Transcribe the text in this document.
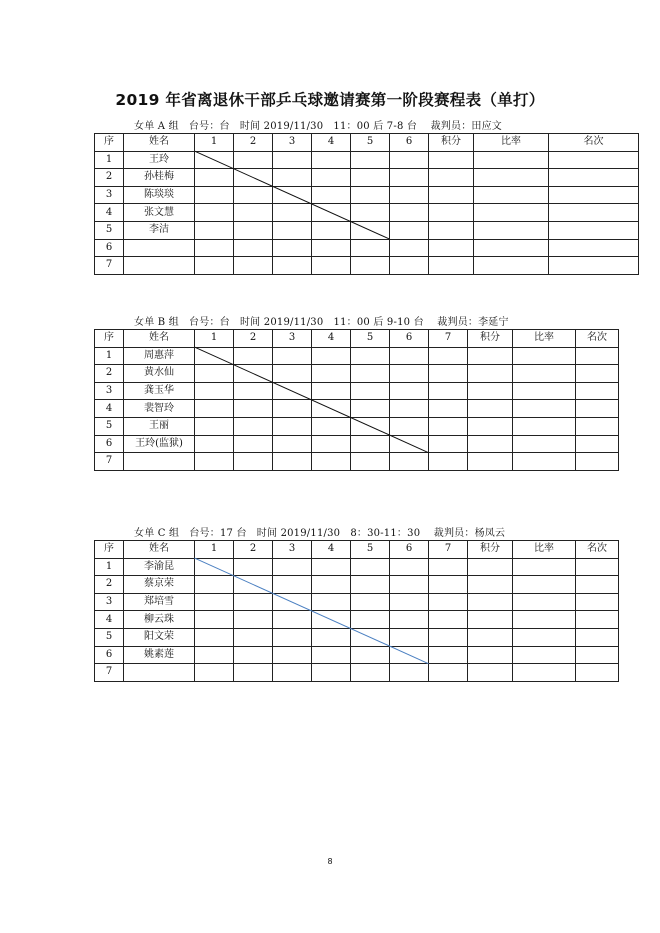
2019 年省离退休干部乒乓球邀请赛第一阶段赛程表（单打）
女单 A 组   台号：台   时间 2019/11/30   11：00 后 7-8 台    裁判员：田应文
序	姓名	1	2	3	4	5	6	积分	比率	名次
1	王玲									
2	孙桂梅									
3	陈琰琰									
4	张文慧									
5	李洁									
6										
7										
女单 B 组   台号：台   时间 2019/11/30   11：00 后 9-10 台    裁判员：李延宁
序	姓名	1	2	3	4	5	6	7	积分	比率	名次
1	周惠萍										
2	黄水仙										
3	龚玉华										
4	裴智玲										
5	王丽										
6	王玲(监狱)										
7											
女单 C 组   台号：17 台   时间 2019/11/30   8：30-11：30    裁判员：杨凤云
序	姓名	1	2	3	4	5	6	7	积分	比率	名次
1	李渝昆										
2	蔡京荣										
3	郑培雪										
4	柳云珠										
5	阳文荣										
6	姚素莲										
7											
8
